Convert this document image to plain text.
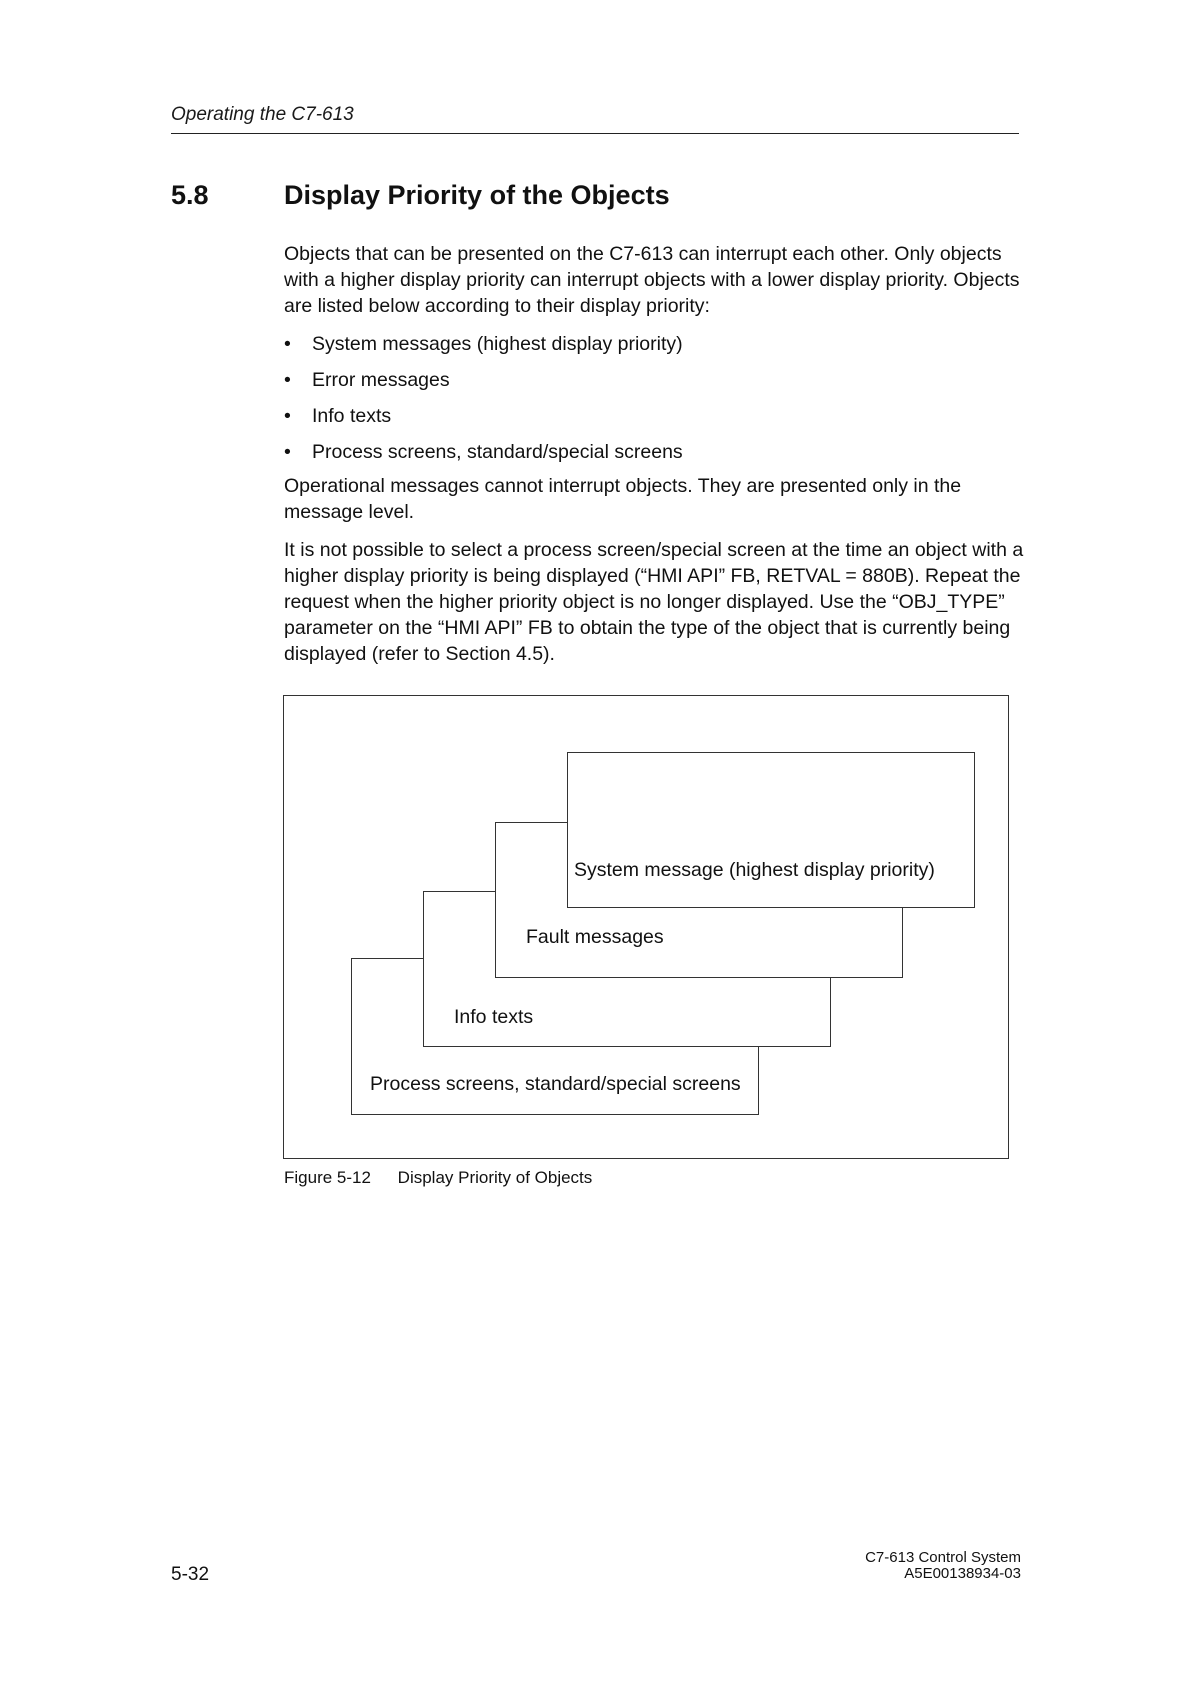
Operating the C7-613
5.8	Display Priority of the Objects
Objects that can be presented on the C7-613 can interrupt each other. Only objects with a higher display priority can interrupt objects with a lower display priority. Objects are listed below according to their display priority:
• System messages (highest display priority)
• Error messages
• Info texts
• Process screens, standard/special screens
Operational messages cannot interrupt objects. They are presented only in the message level.
It is not possible to select a process screen/special screen at the time an object with a higher display priority is being displayed (“HMI API” FB, RETVAL = 880B). Repeat the request when the higher priority object is no longer displayed. Use the “OBJ_TYPE” parameter on the “HMI API” FB to obtain the type of the object that is currently being displayed (refer to Section 4.5).
Process screens, standard/special screens
Info texts
Fault messages
System message (highest display priority)
Figure 5-12 Display Priority of Objects
5-32
C7-613 Control System
A5E00138934-03
